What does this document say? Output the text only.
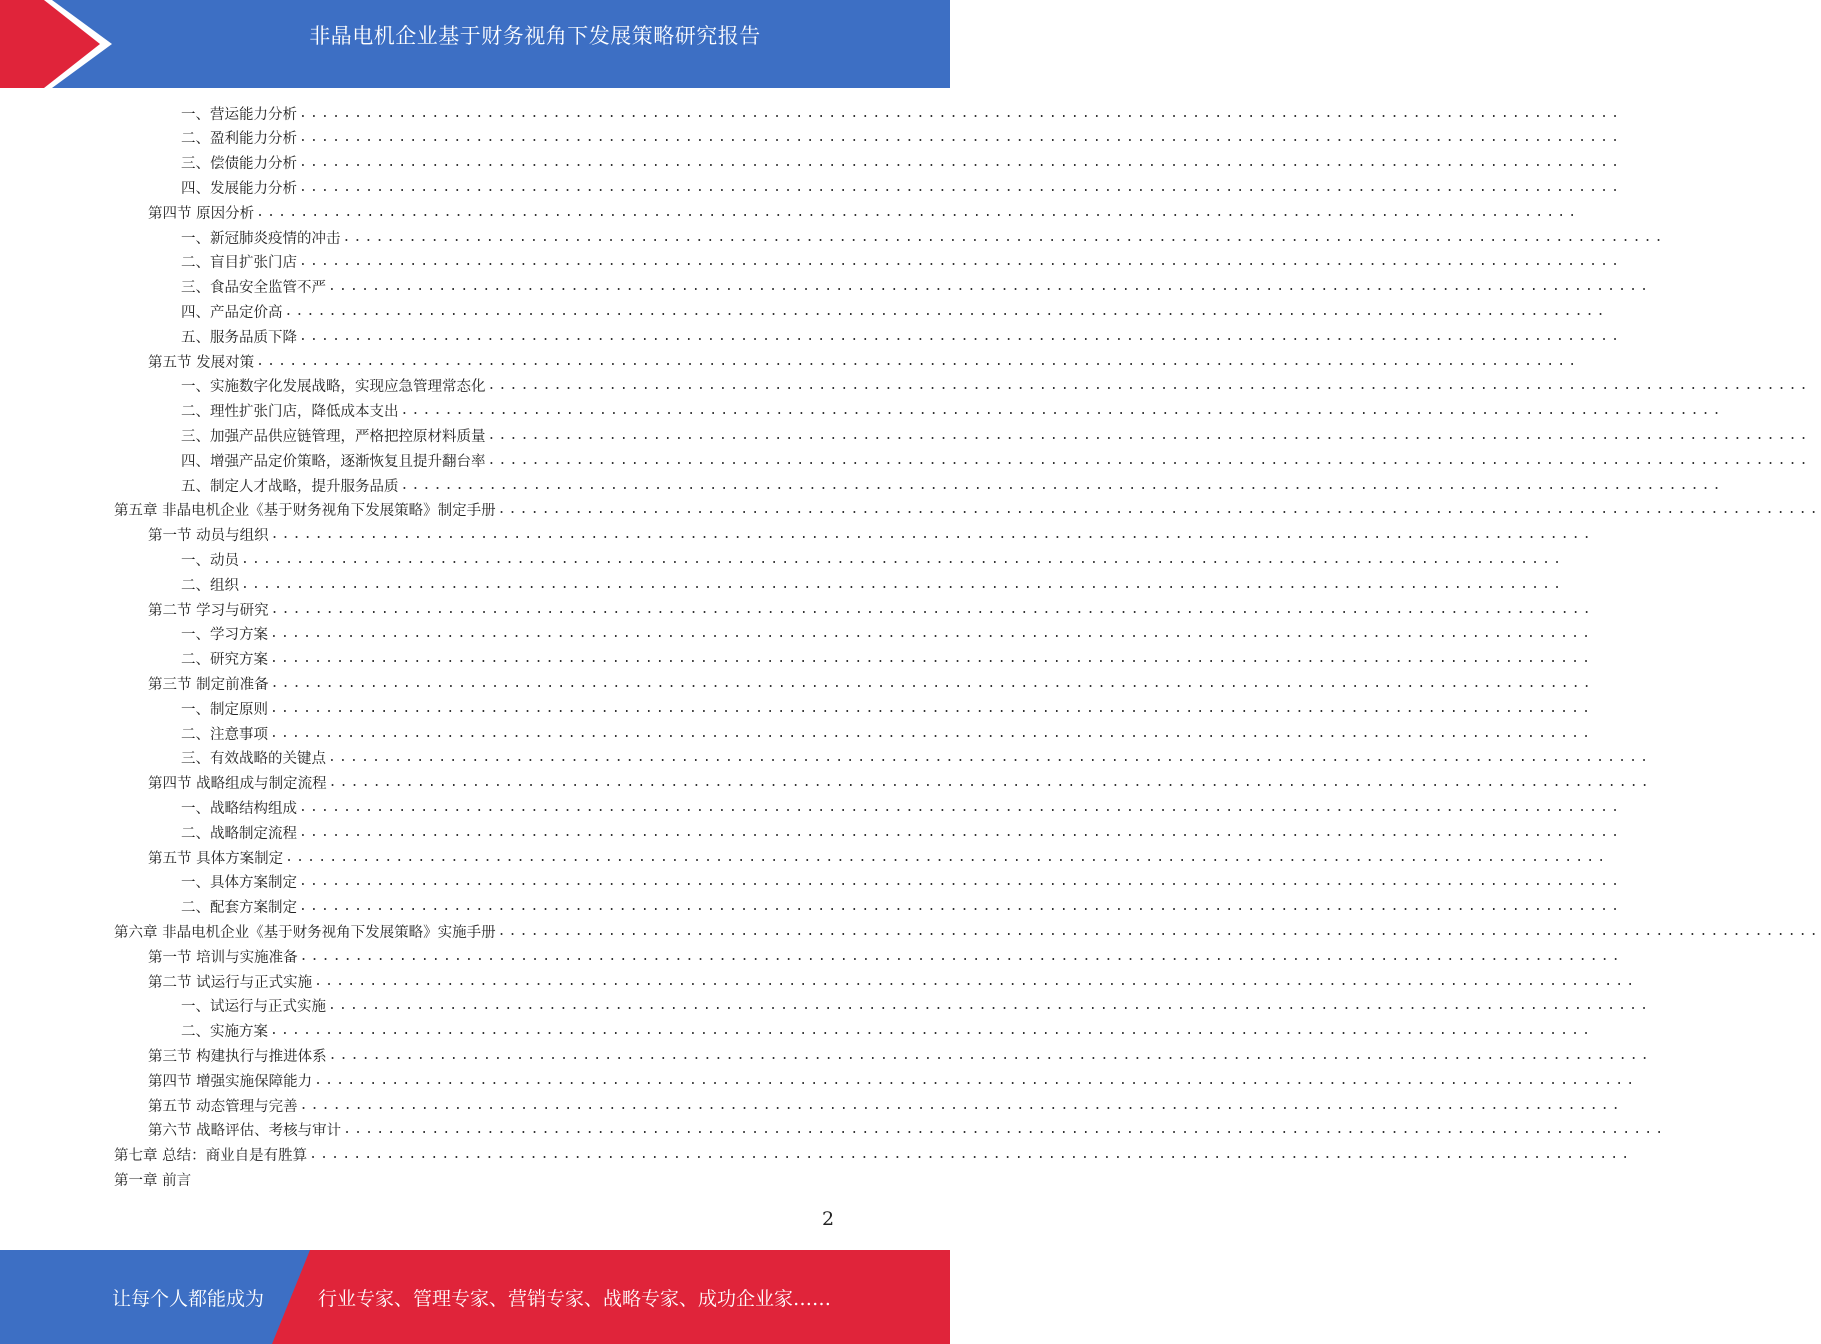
非晶电机企业基于财务视角下发展策略研究报告
一、营运能力分析 ........................................................................................................................
二、盈利能力分析 ........................................................................................................................
三、偿债能力分析 ........................................................................................................................
四、发展能力分析 ........................................................................................................................
第四节 原因分析 ........................................................................................................................
一、新冠肺炎疫情的冲击 ........................................................................................................................
二、盲目扩张门店 ........................................................................................................................
三、食品安全监管不严 ........................................................................................................................
四、产品定价高 ........................................................................................................................
五、服务品质下降 ........................................................................................................................
第五节 发展对策 ........................................................................................................................
一、实施数字化发展战略，实现应急管理常态化 ........................................................................................................................
二、理性扩张门店，降低成本支出 ........................................................................................................................
三、加强产品供应链管理，严格把控原材料质量 ........................................................................................................................
四、增强产品定价策略，逐渐恢复且提升翻台率 ........................................................................................................................
五、制定人才战略，提升服务品质 ........................................................................................................................
第五章 非晶电机企业《基于财务视角下发展策略》制定手册 ........................................................................................................................
第一节 动员与组织 ........................................................................................................................
一、动员 ........................................................................................................................
二、组织 ........................................................................................................................
第二节 学习与研究 ........................................................................................................................
一、学习方案 ........................................................................................................................
二、研究方案 ........................................................................................................................
第三节 制定前准备 ........................................................................................................................
一、制定原则 ........................................................................................................................
二、注意事项 ........................................................................................................................
三、有效战略的关键点 ........................................................................................................................
第四节 战略组成与制定流程 ........................................................................................................................
一、战略结构组成 ........................................................................................................................
二、战略制定流程 ........................................................................................................................
第五节 具体方案制定 ........................................................................................................................
一、具体方案制定 ........................................................................................................................
二、配套方案制定 ........................................................................................................................
第六章 非晶电机企业《基于财务视角下发展策略》实施手册 ........................................................................................................................
第一节 培训与实施准备 ........................................................................................................................
第二节 试运行与正式实施 ........................................................................................................................
一、试运行与正式实施 ........................................................................................................................
二、实施方案 ........................................................................................................................
第三节 构建执行与推进体系 ........................................................................................................................
第四节 增强实施保障能力 ........................................................................................................................
第五节 动态管理与完善 ........................................................................................................................
第六节 战略评估、考核与审计 ........................................................................................................................
第七章 总结：商业自是有胜算 ........................................................................................................................
第一章 前言
2
让每个人都能成为	行业专家、管理专家、营销专家、战略专家、成功企业家……
